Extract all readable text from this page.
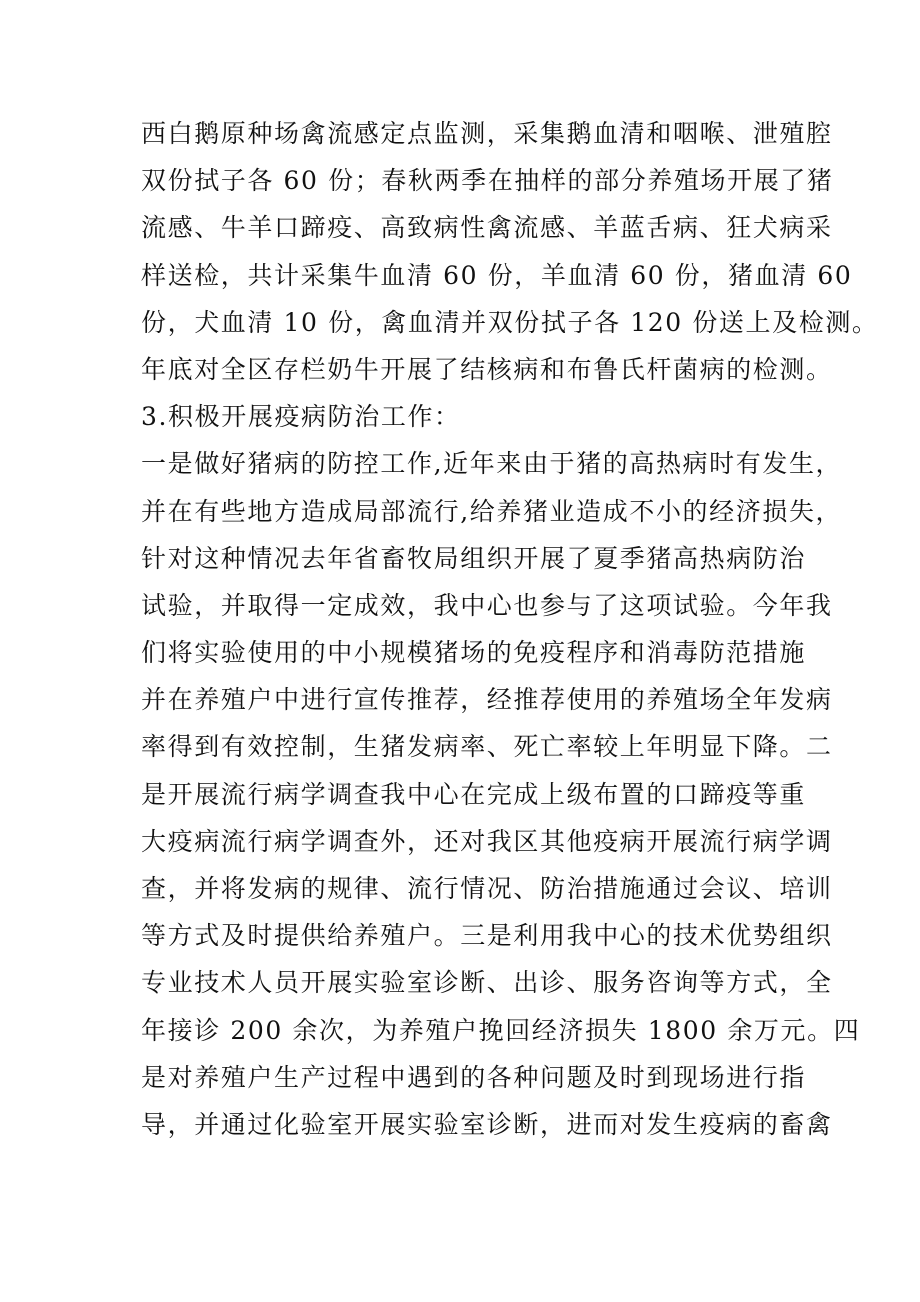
西白鹅原种场禽流感定点监测，采集鹅血清和咽喉、泄殖腔
双份拭子各 60 份；春秋两季在抽样的部分养殖场开展了猪
流感、牛羊口蹄疫、高致病性禽流感、羊蓝舌病、狂犬病采
样送检，共计采集牛血清 60 份，羊血清 60 份，猪血清 60
份，犬血清 10 份，禽血清并双份拭子各 120 份送上及检测。
年底对全区存栏奶牛开展了结核病和布鲁氏杆菌病的检测。
3.积极开展疫病防治工作：
一是做好猪病的防控工作,近年来由于猪的高热病时有发生，
并在有些地方造成局部流行,给养猪业造成不小的经济损失，
针对这种情况去年省畜牧局组织开展了夏季猪高热病防治
试验，并取得一定成效，我中心也参与了这项试验。今年我
们将实验使用的中小规模猪场的免疫程序和消毒防范措施
并在养殖户中进行宣传推荐，经推荐使用的养殖场全年发病
率得到有效控制，生猪发病率、死亡率较上年明显下降。二
是开展流行病学调查我中心在完成上级布置的口蹄疫等重
大疫病流行病学调查外，还对我区其他疫病开展流行病学调
查，并将发病的规律、流行情况、防治措施通过会议、培训
等方式及时提供给养殖户。三是利用我中心的技术优势组织
专业技术人员开展实验室诊断、出诊、服务咨询等方式，全
年接诊 200 余次，为养殖户挽回经济损失 1800 余万元。四
是对养殖户生产过程中遇到的各种问题及时到现场进行指
导，并通过化验室开展实验室诊断，进而对发生疫病的畜禽
